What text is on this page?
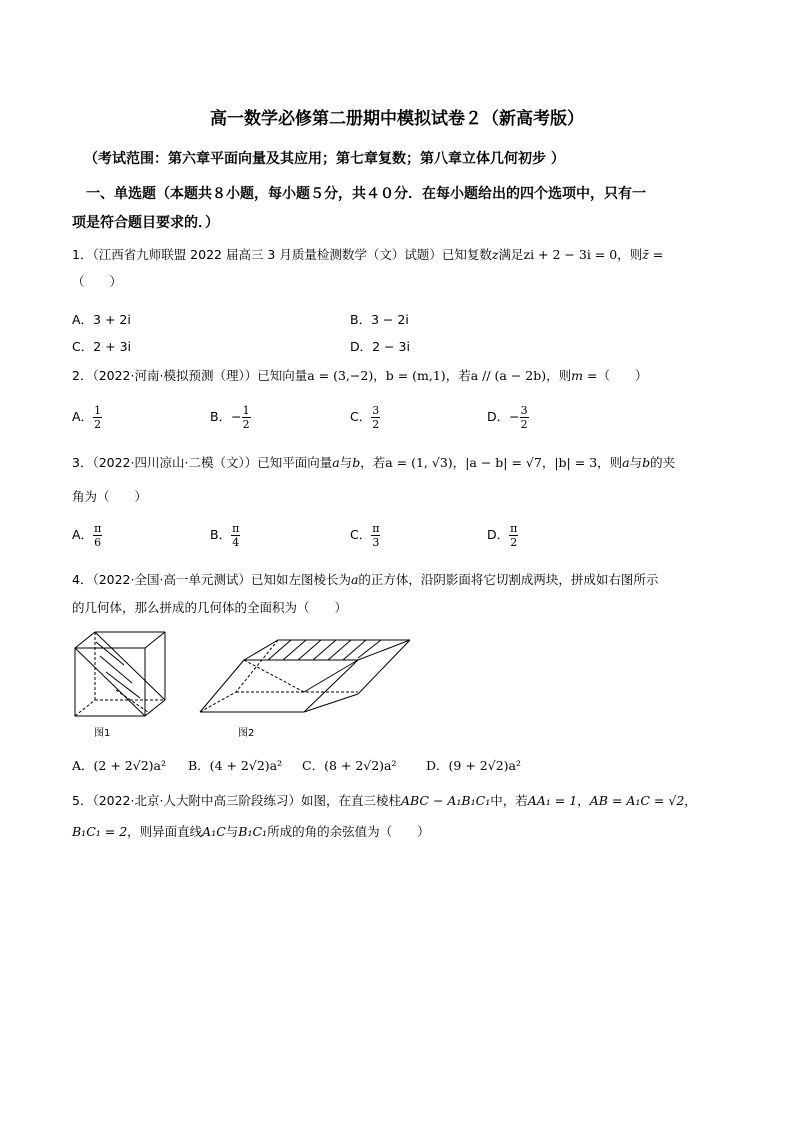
高一数学必修第二册期中模拟试卷２（新高考版）
（考试范围：第六章平面向量及其应用；第七章复数；第八章立体几何初步 ）
一、单选题（本题共８小题，每小题５分，共４０分．在每小题给出的四个选项中，只有一
项是符合题目要求的．）
1．（江西省九师联盟 2022 届高三 3 月质量检测数学（文）试题）已知复数z满足zi + 2 − 3i = 0，则z̄ =
（　　）
A．3 + 2i	B．3 − 2i
C．2 + 3i	D．2 − 3i
2．（2022·河南·模拟预测（理））已知向量a = (3,−2)，b = (m,1)，若a // (a − 2b)，则m =（　　）
A． $\frac{1}{2}$	B．− $\frac{1}{2}$	C． $\frac{3}{2}$	D．− $\frac{3}{2}$
3．（2022·四川凉山·二模（文））已知平面向量a与b，若a = (1, √3)，|a − b| = √7，|b| = 3，则a与b的夹
角为（　　）
A． $\frac{\pi}{6}$	B． $\frac{\pi}{4}$	C． $\frac{\pi}{3}$	D． $\frac{\pi}{2}$
4．（2022·全国·高一单元测试）已知如左图棱长为a的正方体，沿阴影面将它切割成两块，拼成如右图所示
的几何体，那么拼成的几何体的全面积为（　　）
图1	图2
A．(2 + 2√2)a² B．(4 + 2√2)a² C．(8 + 2√2)a² D．(9 + 2√2)a²
5．（2022·北京·人大附中高三阶段练习）如图，在直三棱柱ABC − A₁B₁C₁中，若AA₁ = 1，AB = A₁C = √2，
B₁C₁ = 2，则异面直线A₁C与B₁C₁所成的角的余弦值为（　　）
